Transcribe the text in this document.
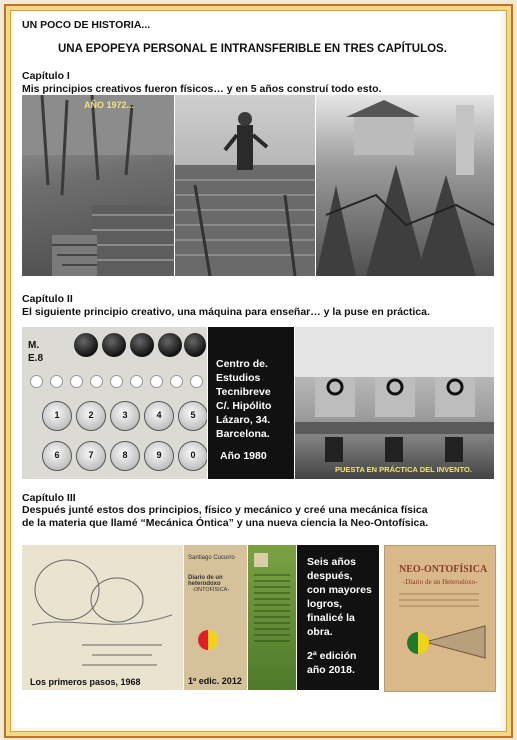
UN POCO DE HISTORIA...
UNA EPOPEYA PERSONAL E INTRANSFERIBLE EN TRES CAPÍTULOS.
Capítulo I
Mis principios creativos fueron físicos… y en 5 años construí todo esto.
AÑO 1972...
Capítulo II
El siguiente principio creativo, una máquina para enseñar… y la puse en práctica.
M. E.8
1	2	3	4	5
6	7	8	9	0
Centro de.
Estudios
Tecnibreve
C/. Hipólito
Lázaro, 34.
Barcelona.
Año 1980
PUESTA EN PRÁCTICA DEL INVENTO.
Capítulo III
Después junté estos dos principios, físico y mecánico y creé una mecánica física
de la materia que llamé “Mecánica Óntica” y una nueva ciencia la Neo-Ontofísica.
Los primeros pasos, 1968
Santiago Cucurro
Diario de un heterodoxo
-ONTOFÍSICA-
1º edic. 2012
Seis años
después,
con mayores
logros,
finalicé la
obra.
2ª edición
año 2018.
NEO-ONTOFÍSICA
-Diario de un Heterodoxo-
